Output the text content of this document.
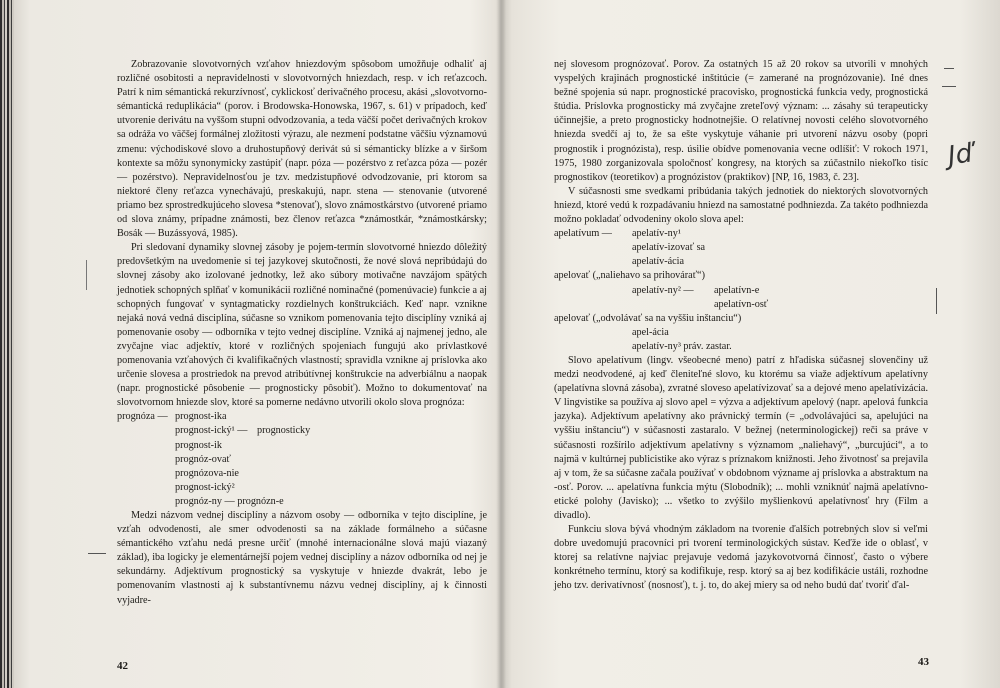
Zobrazovanie slovotvorných vzťahov hniezdovým spôsobom umožňuje odhaliť aj rozličné osobitosti a nepravidelnosti v slovotvorných hniezdach, resp. v ich reťazcoch. Patrí k nim sémantická rekurzívnosť, cyklickosť derivačného procesu, akási „slovotvorno-sémantická reduplikácia“ (porov. i Brodowska-Honowska, 1967, s. 61) v prípadoch, keď utvorenie derivátu na vyššom stupni odvodzovania, a teda väčší počet derivačných krokov sa odráža vo väčšej formálnej zložitosti výrazu, ale nezmení podstatne väčšiu významovú zmenu: východiskové slovo a druhostupňový derivát sú si sémanticky blízke a v širšom kontexte sa môžu synonymicky zastúpiť (napr. póza — pozérstvo z reťazca póza — pozér — pozérstvo). Nepravidelnosťou je tzv. medzistupňové odvodzovanie, pri ktorom sa niektoré členy reťazca vynechávajú, preskakujú, napr. stena — stenovanie (utvorené priamo bez sprostredkujúceho slovesa *stenovať), slovo známostkárstvo (utvorené priamo od slova známy, prípadne známosti, bez členov reťazca *známostkár, *známostkársky; Bosák — Buzássyová, 1985).

Pri sledovaní dynamiky slovnej zásoby je pojem-termín slovotvorné hniezdo dôležitý predovšetkým na uvedomenie si tej jazykovej skutočnosti, že nové slová nepribúdajú do slovnej zásoby ako izolované jednotky, lež ako súbory motivačne navzájom spätých jednotiek schopných splňať v komunikácii rozličné nominačné (pomenúvacie) funkcie a aj schopných fungovať v syntagmaticky rozdielnych konštrukciách. Keď napr. vznikne nejaká nová vedná disciplína, súčasne so vznikom pomenovania tejto disciplíny vzniká aj pomenovanie osoby — odborníka v tejto vednej disciplíne. Vzniká aj najmenej jedno, ale zvyčajne viac adjektív, ktoré v rozličných spojeniach fungujú ako prívlastkové pomenovania vzťahových či kvalifikačných vlastností; spravidla vznikne aj príslovka ako určenie slovesa a prostriedok na prevod atribútívnej konštrukcie na adverbiálnu a naopak (napr. prognostické pôsobenie — prognosticky pôsobiť). Možno to dokumentovať na slovotvornom hniezde slov, ktoré sa pomerne nedávno utvorili okolo slova prognóza:

prognóza — prognost-ika
prognost-ický¹ — prognosticky
prognost-ik
prognóz-ovať
prognózova-nie
prognost-ický²
prognóz-ny — prognózn-e

Medzi názvom vednej disciplíny a názvom osoby — odborníka v tejto disciplíne, je vzťah odvodenosti, ale smer odvodenosti sa na základe formálneho a súčasne sémantického vzťahu nedá presne určiť (mnohé internacionálne slová majú viazaný základ), iba logicky je elementárnejší pojem vednej disciplíny a názov odborníka od nej je sekundárny. Adjektívum prognostický sa vyskytuje v hniezde dvakrát, lebo je pomenovaním vlastnosti aj k substantívnemu názvu vednej disciplíny, aj k činnosti vyjadre-

42

nej slovesom prognózovať. Porov. Za ostatných 15 až 20 rokov sa utvorili v mnohých vyspelých krajinách prognostické inštitúcie (= zamerané na prognózovanie). Iné dnes bežné spojenia sú napr. prognostické pracovisko, prognostická funkcia vedy, prognostická štúdia. Príslovka prognosticky má zvyčajne zreteľový význam: ... zásahy sú terapeuticky účinnejšie, a preto prognosticky hodnotnejšie. O relatívnej novosti celého slovotvorného hniezda svedčí aj to, že sa ešte vyskytuje váhanie pri utvorení názvu osoby (popri prognostik i prognózista), resp. úsilie obídve pomenovania vecne odlíšiť: V rokoch 1971, 1975, 1980 zorganizovala spoločnosť kongresy, na ktorých sa zúčastnilo niekoľko tisíc prognostikov (teoretikov) a prognózistov (praktikov) [NP, 16, 1983, č. 23].

V súčasnosti sme svedkami pribúdania takých jednotiek do niektorých slovotvorných hniezd, ktoré vedú k rozpadávaniu hniezd na samostatné podhniezda. Za takéto podhniezda možno pokladať odvodeniny okolo slova apel:

apelatívum — apelatív-ny¹
apelatív-izovať sa
apelatív-ácia
apelovať („naliehavo sa prihovárať“)
apelatív-ny² — apelatívn-e
apelatívn-osť
apelovať („odvolávať sa na vyššiu inštanciu“)
apel-ácia
apelatív-ny³ práv. zastar.

Slovo apelatívum (lingv. všeobecné meno) patrí z hľadiska súčasnej slovenčiny už medzi neodvodené, aj keď členiteľné slovo, ku ktorému sa viaže adjektívum apelatívny (apelatívna slovná zásoba), zvratné sloveso apelatívizovať sa a dejové meno apelatívizácia. V lingvistike sa používa aj slovo apel = výzva a adjektívum apelový (napr. apelová funkcia jazyka). Adjektívum apelatívny ako právnický termín (= „odvolávajúci sa, apelujúci na vyššiu inštanciu“) v súčasnosti zastaralo. V bežnej (neterminologickej) reči sa práve v súčasnosti rozšírilo adjektívum apelatívny s významom „naliehavý“, „burcujúci“, a to najmä v kultúrnej publicistike ako výraz s príznakom knižnosti. Jeho životnosť sa prejavila aj v tom, že sa súčasne začala používať v obdobnom význame aj príslovka a abstraktum na -osť. Porov. ... apelatívna funkcia mýtu (Slobodník); ... mohli vzniknúť najmä apelatívno-etické polohy (Javisko); ... všetko to zvýšilo myšlienkovú apelatívnosť hry (Film a divadlo).

Funkciu slova bývá vhodným základom na tvorenie ďalších potrebných slov si veľmi dobre uvedomujú pracovníci pri tvorení terminologických sústav. Keďže ide o oblasť, v ktorej sa relatívne najviac prejavuje vedomá jazykovotvorná činnosť, často o výbere konkrétneho termínu, ktorý sa kodifikuje, resp. ktorý sa aj bez kodifikácie ustáli, rozhodne jeho tzv. derivatívnosť (nosnosť), t. j. to, do akej miery sa od neho budú dať tvoriť ďal-

43
Jď
